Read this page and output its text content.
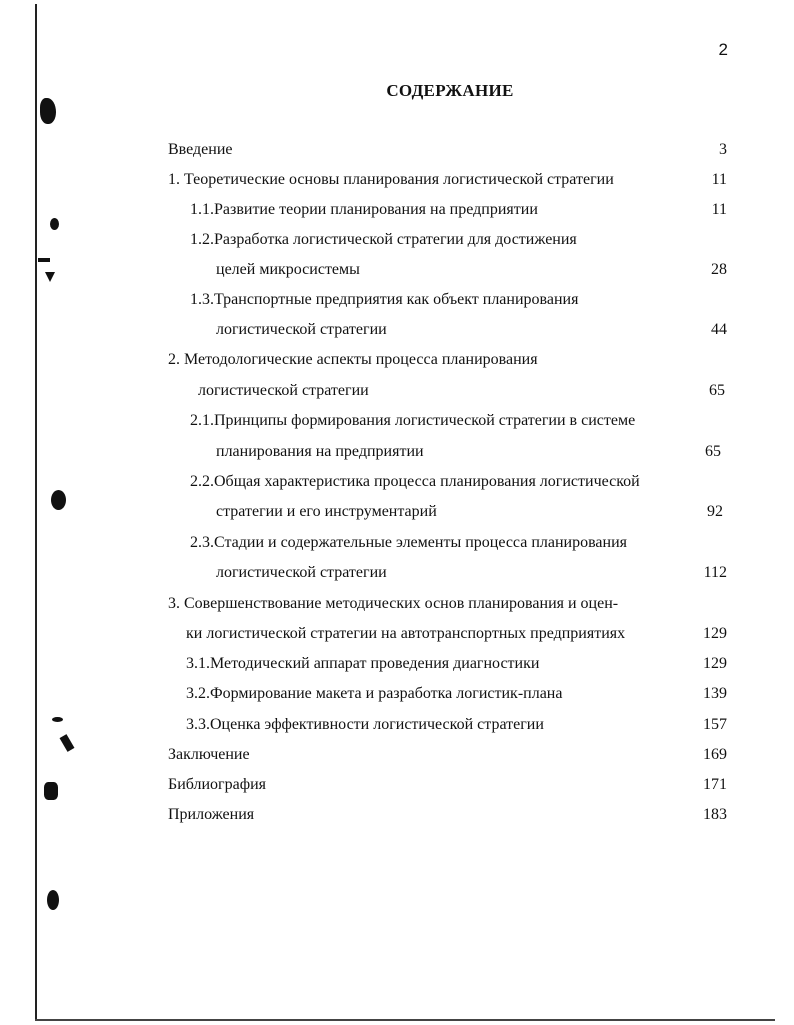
2
СОДЕРЖАНИЕ
Введение	3
1. Теоретические основы планирования логистической стратегии	11
1.1.Развитие теории планирования на предприятии	11
1.2.Разработка логистической стратегии для достижения
целей микросистемы	28
1.3.Транспортные предприятия как объект планирования
логистической стратегии	44
2. Методологические аспекты процесса планирования
логистической стратегии	65
2.1.Принципы формирования логистической стратегии в системе
планирования на предприятии	65
2.2.Общая характеристика процесса планирования логистической
стратегии и его инструментарий	92
2.3.Стадии и содержательные элементы процесса планирования
логистической стратегии	112
3. Совершенствование методических основ планирования и оцен-
ки логистической стратегии на автотранспортных предприятиях	129
3.1.Методический аппарат проведения диагностики	129
3.2.Формирование макета и разработка логистик-плана	139
3.3.Оценка эффективности логистической стратегии	157
Заключение	169
Библиография	171
Приложения	183
